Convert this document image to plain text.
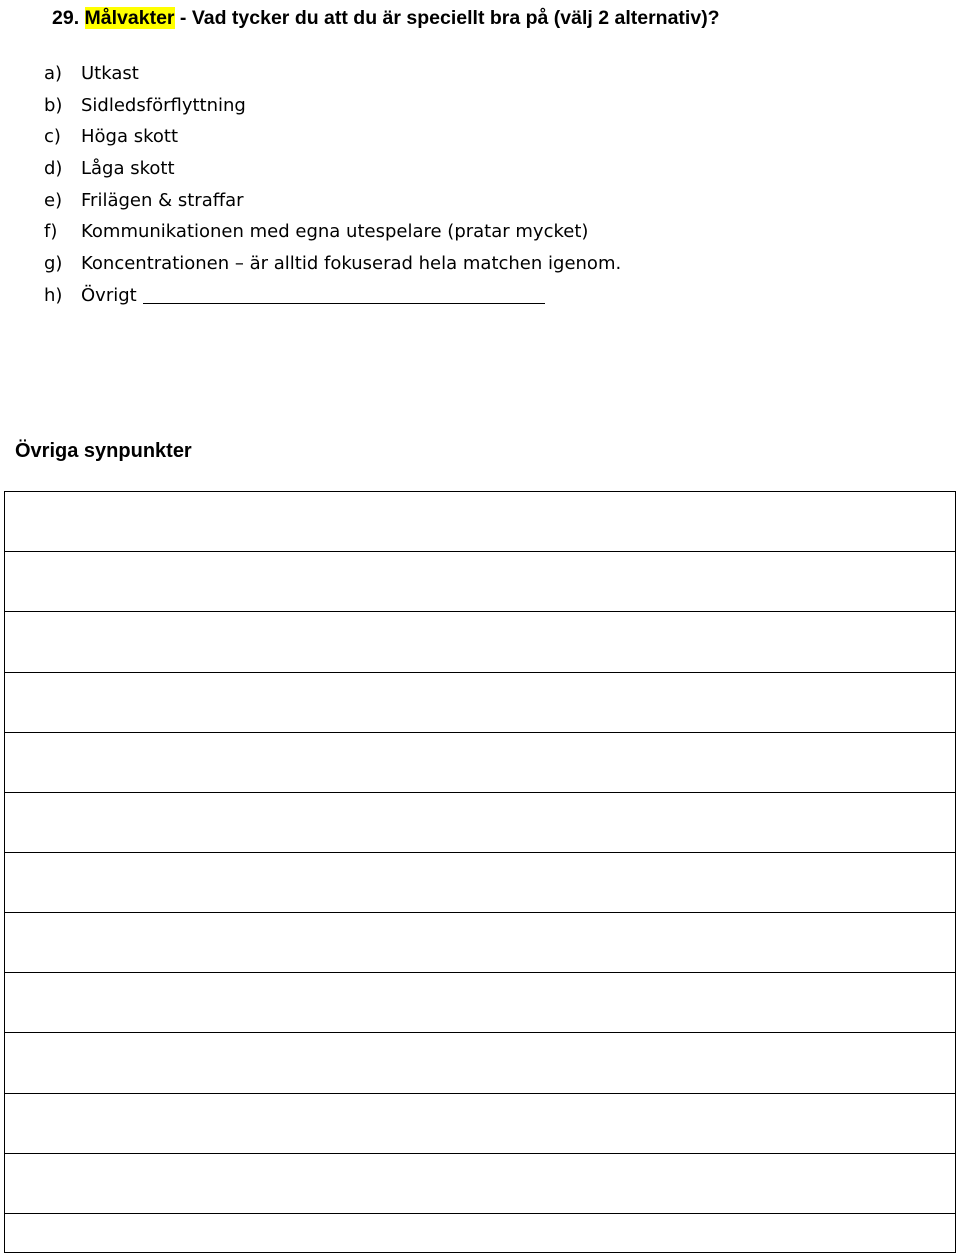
29. Målvakter - Vad tycker du att du är speciellt bra på (välj 2 alternativ)?
a) Utkast
b) Sidledsförflyttning
c) Höga skott
d) Låga skott
e) Frilägen & straffar
f) Kommunikationen med egna utespelare (pratar mycket)
g) Koncentrationen – är alltid fokuserad hela matchen igenom.
h) Övrigt
Övriga synpunkter
